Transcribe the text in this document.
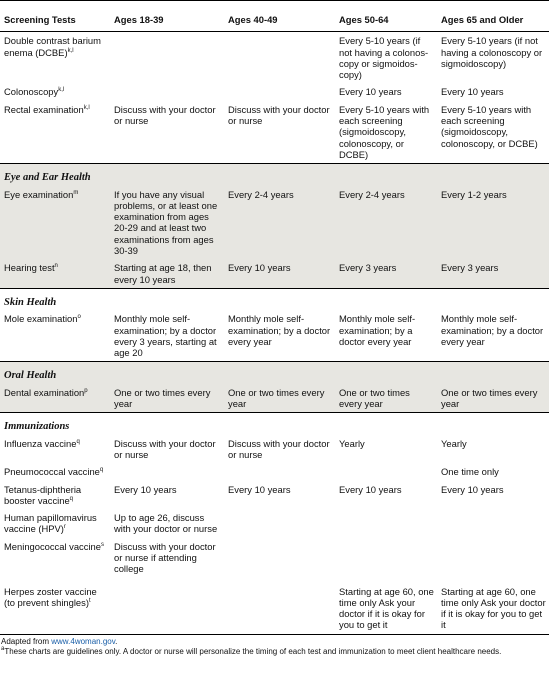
Screening Tests	Ages 18-39	Ages 40-49	Ages 50-64	Ages 65 and Older
Double contrast barium enema (DCBE)$^{k,l}$			Every 5-10 years (if not having a colonos-copy or sigmoidos-copy)	Every 5-10 years (if not having a colonoscopy or sigmoidoscopy)
Colonoscopy$^{k,l}$			Every 10 years	Every 10 years
Rectal examination$^{k,l}$	Discuss with your doctor or nurse	Discuss with your doctor or nurse	Every 5-10 years with each screening (sigmoidoscopy, colonoscopy, or DCBE)	Every 5-10 years with each screening (sigmoidoscopy, colonoscopy, or DCBE)
Eye and Ear Health				
Eye examination$^m$	If you have any visual problems, or at least one examination from ages 20-29 and at least two examinations from ages 30-39	Every 2-4 years	Every 2-4 years	Every 1-2 years
Hearing test$^n$	Starting at age 18, then every 10 years	Every 10 years	Every 3 years	Every 3 years
Skin Health				
Mole examination$^o$	Monthly mole self-examination; by a doctor every 3 years, starting at age 20	Monthly mole self-examination; by a doctor every year	Monthly mole self-examination; by a doctor every year	Monthly mole self-examination; by a doctor every year
Oral Health				
Dental examination$^p$	One or two times every year	One or two times every year	One or two times every year	One or two times every year
Immunizations				
Influenza vaccine$^q$	Discuss with your doctor or nurse	Discuss with your doctor or nurse	Yearly	Yearly
Pneumococcal vaccine$^q$				One time only
Tetanus-diphtheria booster vaccine$^q$	Every 10 years	Every 10 years	Every 10 years	Every 10 years
Human papillomavirus vaccine (HPV)$^r$	Up to age 26, discuss with your doctor or nurse			
Meningococcal vaccine$^s$	Discuss with your doctor or nurse if attending college			
Herpes zoster vaccine (to prevent shingles)$^t$			Starting at age 60, one time only Ask your doctor if it is okay for you to get it	Starting at age 60, one time only Ask your doctor if it is okay for you to get it
Adapted from www.4woman.gov.
$^a$These charts are guidelines only. A doctor or nurse will personalize the timing of each test and immunization to meet client healthcare needs.
